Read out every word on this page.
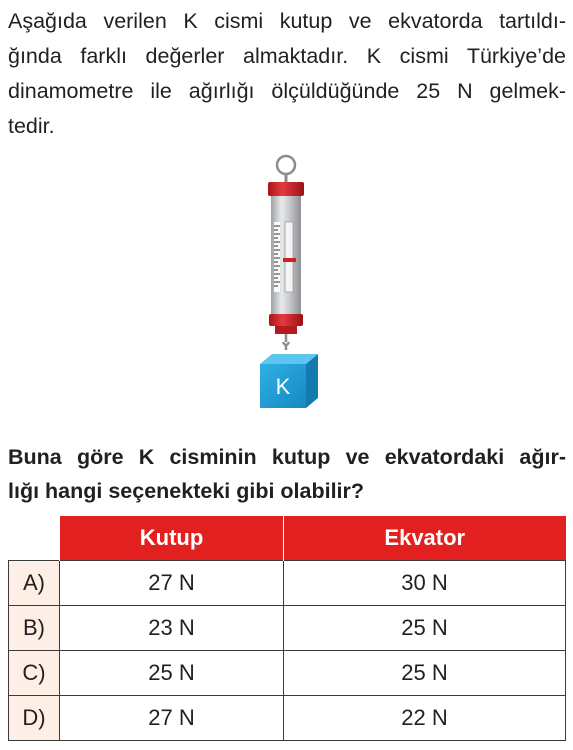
Aşağıda verilen K cismi kutup ve ekvatorda tartıldı-
ğında farklı değerler almaktadır. K cismi Türkiye’de
dinamometre ile ağırlığı ölçüldüğünde 25 N gelmek-
tedir.
K
Buna göre K cisminin kutup ve ekvatordaki ağır-
lığı hangi seçenekteki gibi olabilir?
	Kutup	Ekvator
A)	27 N	30 N
B)	23 N	25 N
C)	25 N	25 N
D)	27 N	22 N
